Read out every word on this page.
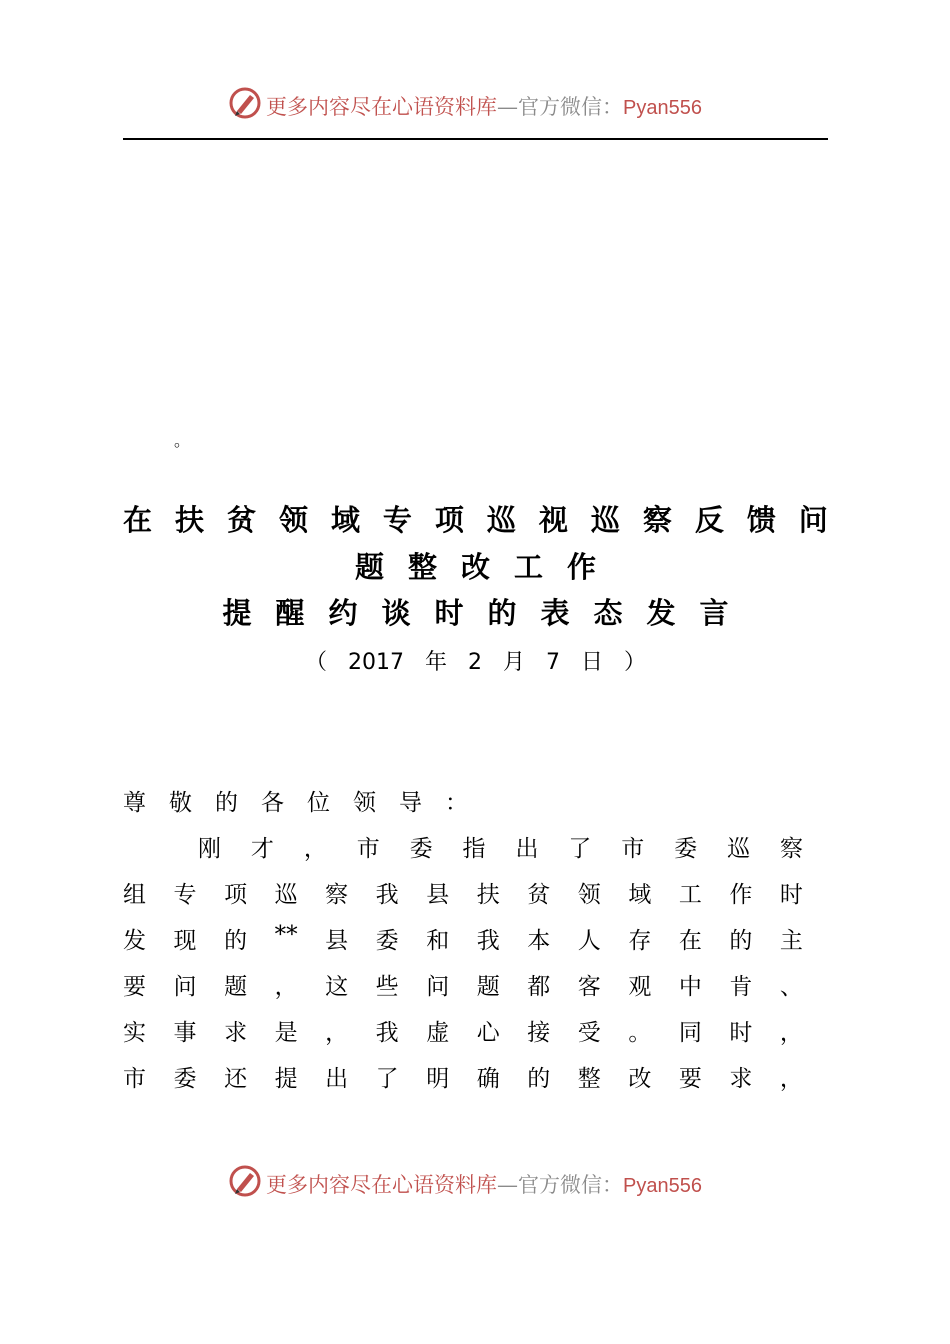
更多内容尽在心语资料库—官方微信：Pyan556
。
在 扶 贫 领 域 专 项 巡 视 巡 察 反 馈 问
题整改工作
提醒约谈时的表态发言
（ 2017 年 2 月 7 日 ）
尊 敬 的 各 位 领 导 ：
刚 才 ， 市 委 指 出 了 市 委 巡 察
组 专 项 巡 察 我 县 扶 贫 领 域 工 作 时
发 现 的 ** 县 委 和 我 本 人 存 在 的 主
要 问 题 ， 这 些 问 题 都 客 观 中 肯 、
实 事 求 是 ， 我 虚 心 接 受 。 同 时 ，
市 委 还 提 出 了 明 确 的 整 改 要 求 ，
更多内容尽在心语资料库—官方微信：Pyan556
